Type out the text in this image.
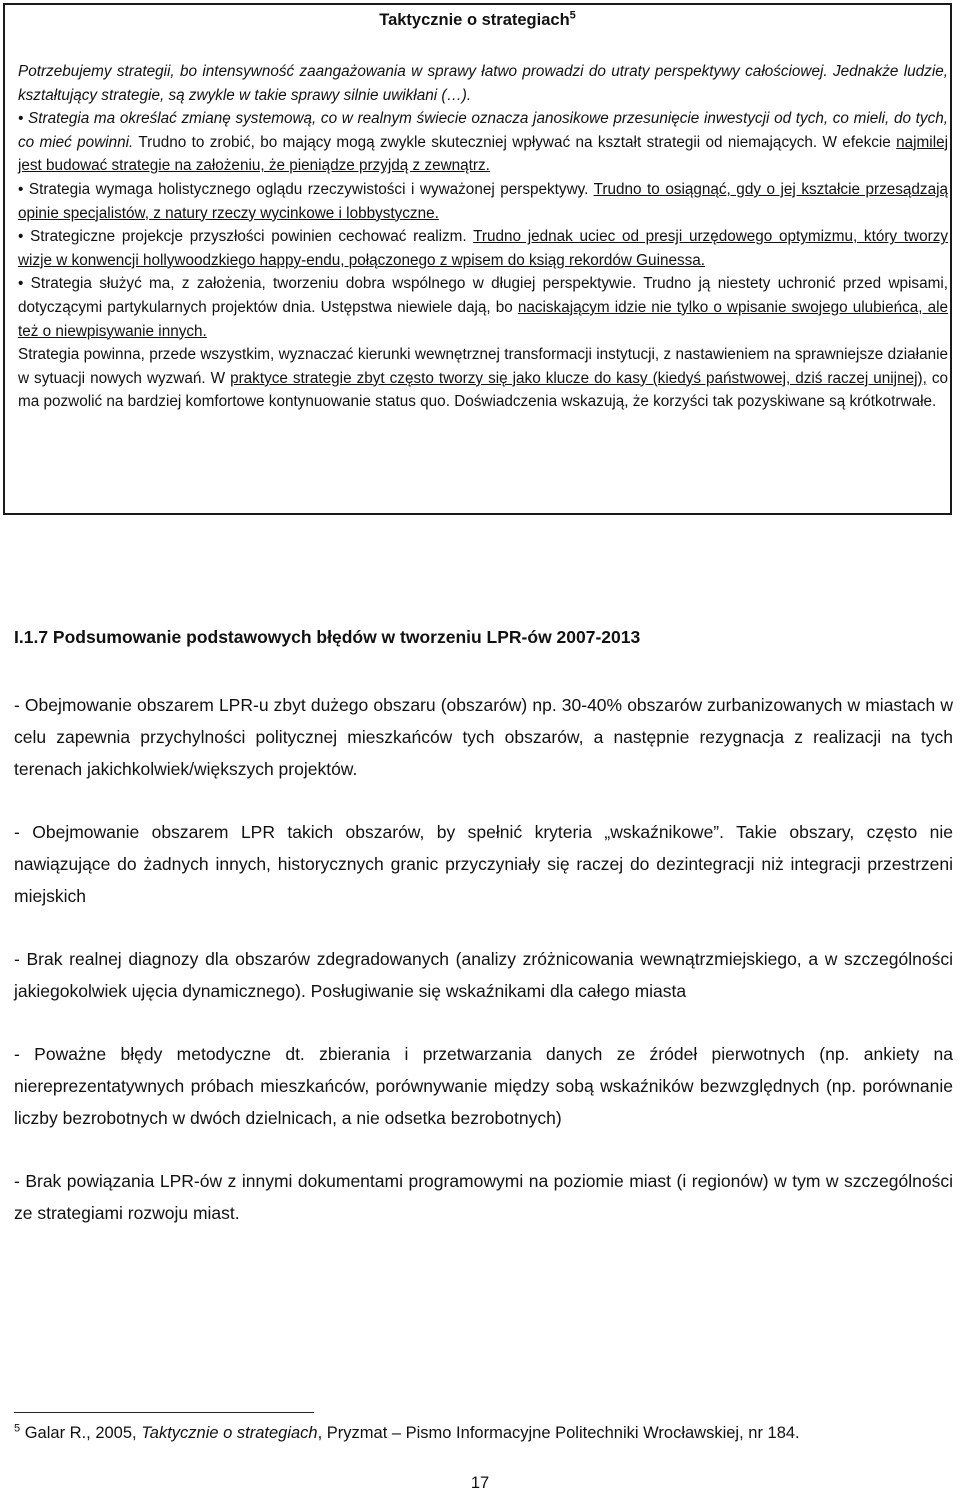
Taktycznie o strategiach$^5$

Potrzebujemy strategii, bo intensywność zaangażowania w sprawy łatwo prowadzi do utraty perspektywy całościowej. Jednakże ludzie, kształtujący strategie, są zwykle w takie sprawy silnie uwikłani (…).

• Strategia ma określać zmianę systemową, co w realnym świecie oznacza janosikowe przesunięcie inwestycji od tych, co mieli, do tych, co mieć powinni. Trudno to zrobić, bo mający mogą zwykle skuteczniej wpływać na kształt strategii od niemających. W efekcie najmilej jest budować strategie na założeniu, że pieniądze przyjdą z zewnątrz.

• Strategia wymaga holistycznego oglądu rzeczywistości i wyważonej perspektywy. Trudno to osiągnąć, gdy o jej kształcie przesądzają opinie specjalistów, z natury rzeczy wycinkowe i lobbystyczne.

• Strategiczne projekcje przyszłości powinien cechować realizm. Trudno jednak uciec od presji urzędowego optymizmu, który tworzy wizje w konwencji hollywoodzkiego happy-endu, połączonego z wpisem do ksiąg rekordów Guinessa.

• Strategia służyć ma, z założenia, tworzeniu dobra wspólnego w długiej perspektywie. Trudno ją niestety uchronić przed wpisami, dotyczącymi partykularnych projektów dnia. Ustępstwa niewiele dają, bo naciskającym idzie nie tylko o wpisanie swojego ulubieńca, ale też o niewpisywanie innych.

Strategia powinna, przede wszystkim, wyznaczać kierunki wewnętrznej transformacji instytucji, z nastawieniem na sprawniejsze działanie w sytuacji nowych wyzwań. W praktyce strategie zbyt często tworzy się jako klucze do kasy (kiedyś państwowej, dziś raczej unijnej), co ma pozwolić na bardziej komfortowe kontynuowanie status quo. Doświadczenia wskazują, że korzyści tak pozyskiwane są krótkotrwałe.

I.1.7 Podsumowanie podstawowych błędów w tworzeniu LPR-ów 2007-2013

- Obejmowanie obszarem LPR-u zbyt dużego obszaru (obszarów) np. 30-40% obszarów zurbanizowanych w miastach w celu zapewnia przychylności politycznej mieszkańców tych obszarów, a następnie rezygnacja z realizacji na tych terenach jakichkolwiek/większych projektów.

- Obejmowanie obszarem LPR takich obszarów, by spełnić kryteria „wskaźnikowe”. Takie obszary, często nie nawiązujące do żadnych innych, historycznych granic przyczyniały się raczej do dezintegracji niż integracji przestrzeni miejskich

- Brak realnej diagnozy dla obszarów zdegradowanych (analizy zróżnicowania wewnątrzmiejskiego, a w szczególności jakiegokolwiek ujęcia dynamicznego). Posługiwanie się wskaźnikami dla całego miasta

- Poważne błędy metodyczne dt. zbierania i przetwarzania danych ze źródeł pierwotnych (np. ankiety na niereprezentatywnych próbach mieszkańców, porównywanie między sobą wskaźników bezwzględnych (np. porównanie liczby bezrobotnych w dwóch dzielnicach, a nie odsetka bezrobotnych)

- Brak powiązania LPR-ów z innymi dokumentami programowymi na poziomie miast (i regionów) w tym w szczególności ze strategiami rozwoju miast.

$^5$ Galar R., 2005, Taktycznie o strategiach, Pryzmat – Pismo Informacyjne Politechniki Wrocławskiej, nr 184.
17
